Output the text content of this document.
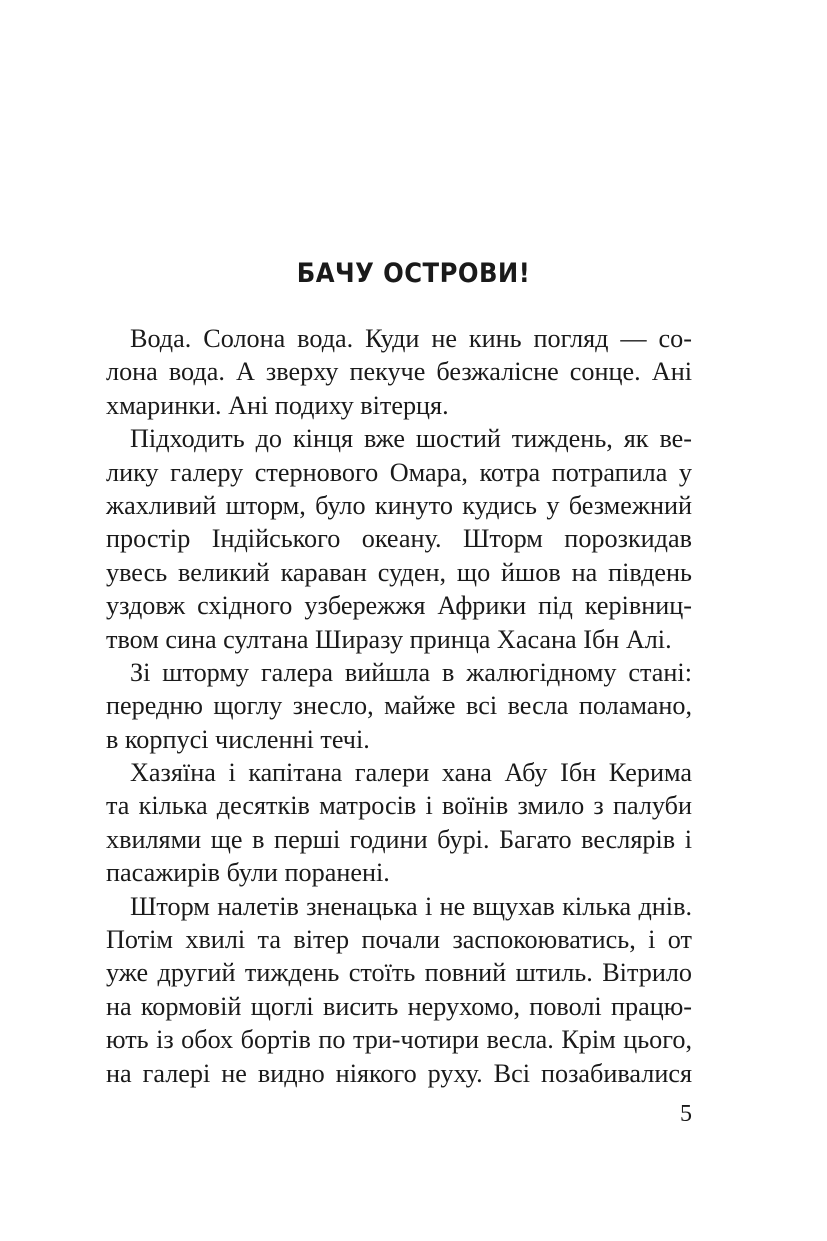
БАЧУ ОСТРОВИ!
Вода. Солона вода. Куди не кинь погляд — со-
лона вода. А зверху пекуче безжалісне сонце. Ані
хмаринки. Ані подиху вітерця.
Підходить до кінця вже шостий тиждень, як ве-
лику галеру стернового Омара, котра потрапила у
жахливий шторм, було кинуто кудись у безмежний
простір Індійського океану. Шторм порозкидав
увесь великий караван суден, що йшов на південь
уздовж східного узбережжя Африки під керівниц-
твом сина султана Ширазу принца Хасана Ібн Алі.
Зі шторму галера вийшла в жалюгідному стані:
передню щоглу знесло, майже всі весла поламано,
в корпусі численні течі.
Хазяїна і капітана галери хана Абу Ібн Керима
та кілька десятків матросів і воїнів змило з палуби
хвилями ще в перші години бурі. Багато веслярів і
пасажирів були поранені.
Шторм налетів зненацька і не вщухав кілька днів.
Потім хвилі та вітер почали заспокоюватись, і от
уже другий тиждень стоїть повний штиль. Вітрило
на кормовій щоглі висить нерухомо, поволі працю-
ють із обох бортів по три-чотири весла. Крім цього,
на галері не видно ніякого руху. Всі позабивалися
5
